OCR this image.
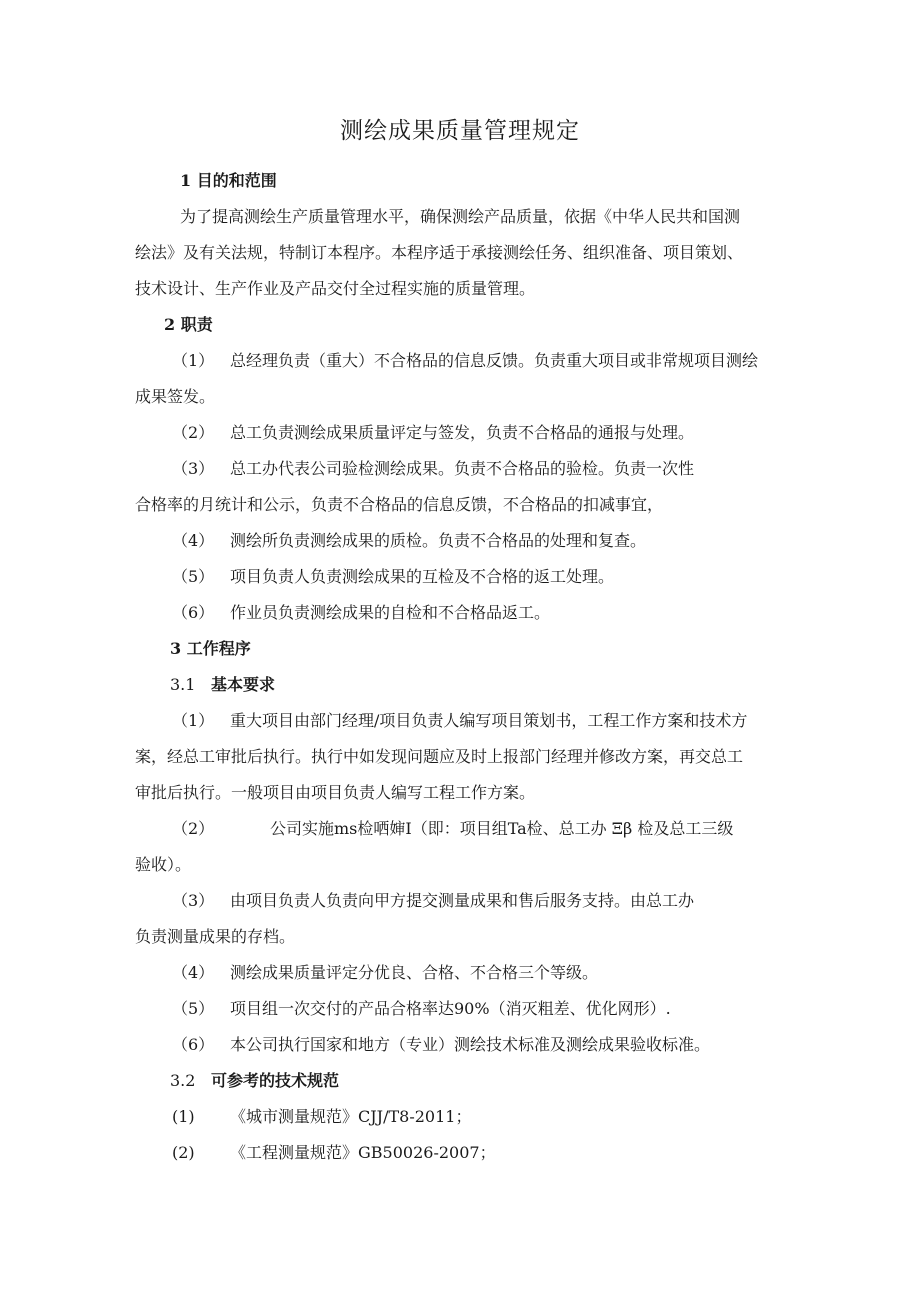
测绘成果质量管理规定
1 目的和范围
为了提高测绘生产质量管理水平，确保测绘产品质量，依据《中华人民共和国测
绘法》及有关法规，特制订本程序。本程序适于承接测绘任务、组织准备、项目策划、
技术设计、生产作业及产品交付全过程实施的质量管理。
2 职责
（1） 总经理负责（重大）不合格品的信息反馈。负责重大项目或非常规项目测绘
成果签发。
（2） 总工负责测绘成果质量评定与签发，负责不合格品的通报与处理。
（3） 总工办代表公司验检测绘成果。负责不合格品的验检。负责一次性
合格率的月统计和公示，负责不合格品的信息反馈，不合格品的扣减事宜，
（4） 测绘所负责测绘成果的质检。负责不合格品的处理和复查。
（5） 项目负责人负责测绘成果的互检及不合格的返工处理。
（6） 作业员负责测绘成果的自检和不合格品返工。
3 工作程序
3.1 基本要求
（1） 重大项目由部门经理/项目负责人编写项目策划书，工程工作方案和技术方
案，经总工审批后执行。执行中如发现问题应及时上报部门经理并修改方案，再交总工
审批后执行。一般项目由项目负责人编写工程工作方案。
（2）	公司实施ms检哂婶Ⅰ（即：项目组Ta检、总工办 Ξβ 检及总工三级
验收）。
（3） 由项目负责人负责向甲方提交测量成果和售后服务支持。由总工办
负责测量成果的存档。
（4） 测绘成果质量评定分优良、合格、不合格三个等级。
（5） 项目组一次交付的产品合格率达90%（消灭粗差、优化网形）.
（6） 本公司执行国家和地方（专业）测绘技术标准及测绘成果验收标准。
3.2 可参考的技术规范
(1) 《城市测量规范》CJJ/T8-2011；
(2) 《工程测量规范》GB50026-2007；
